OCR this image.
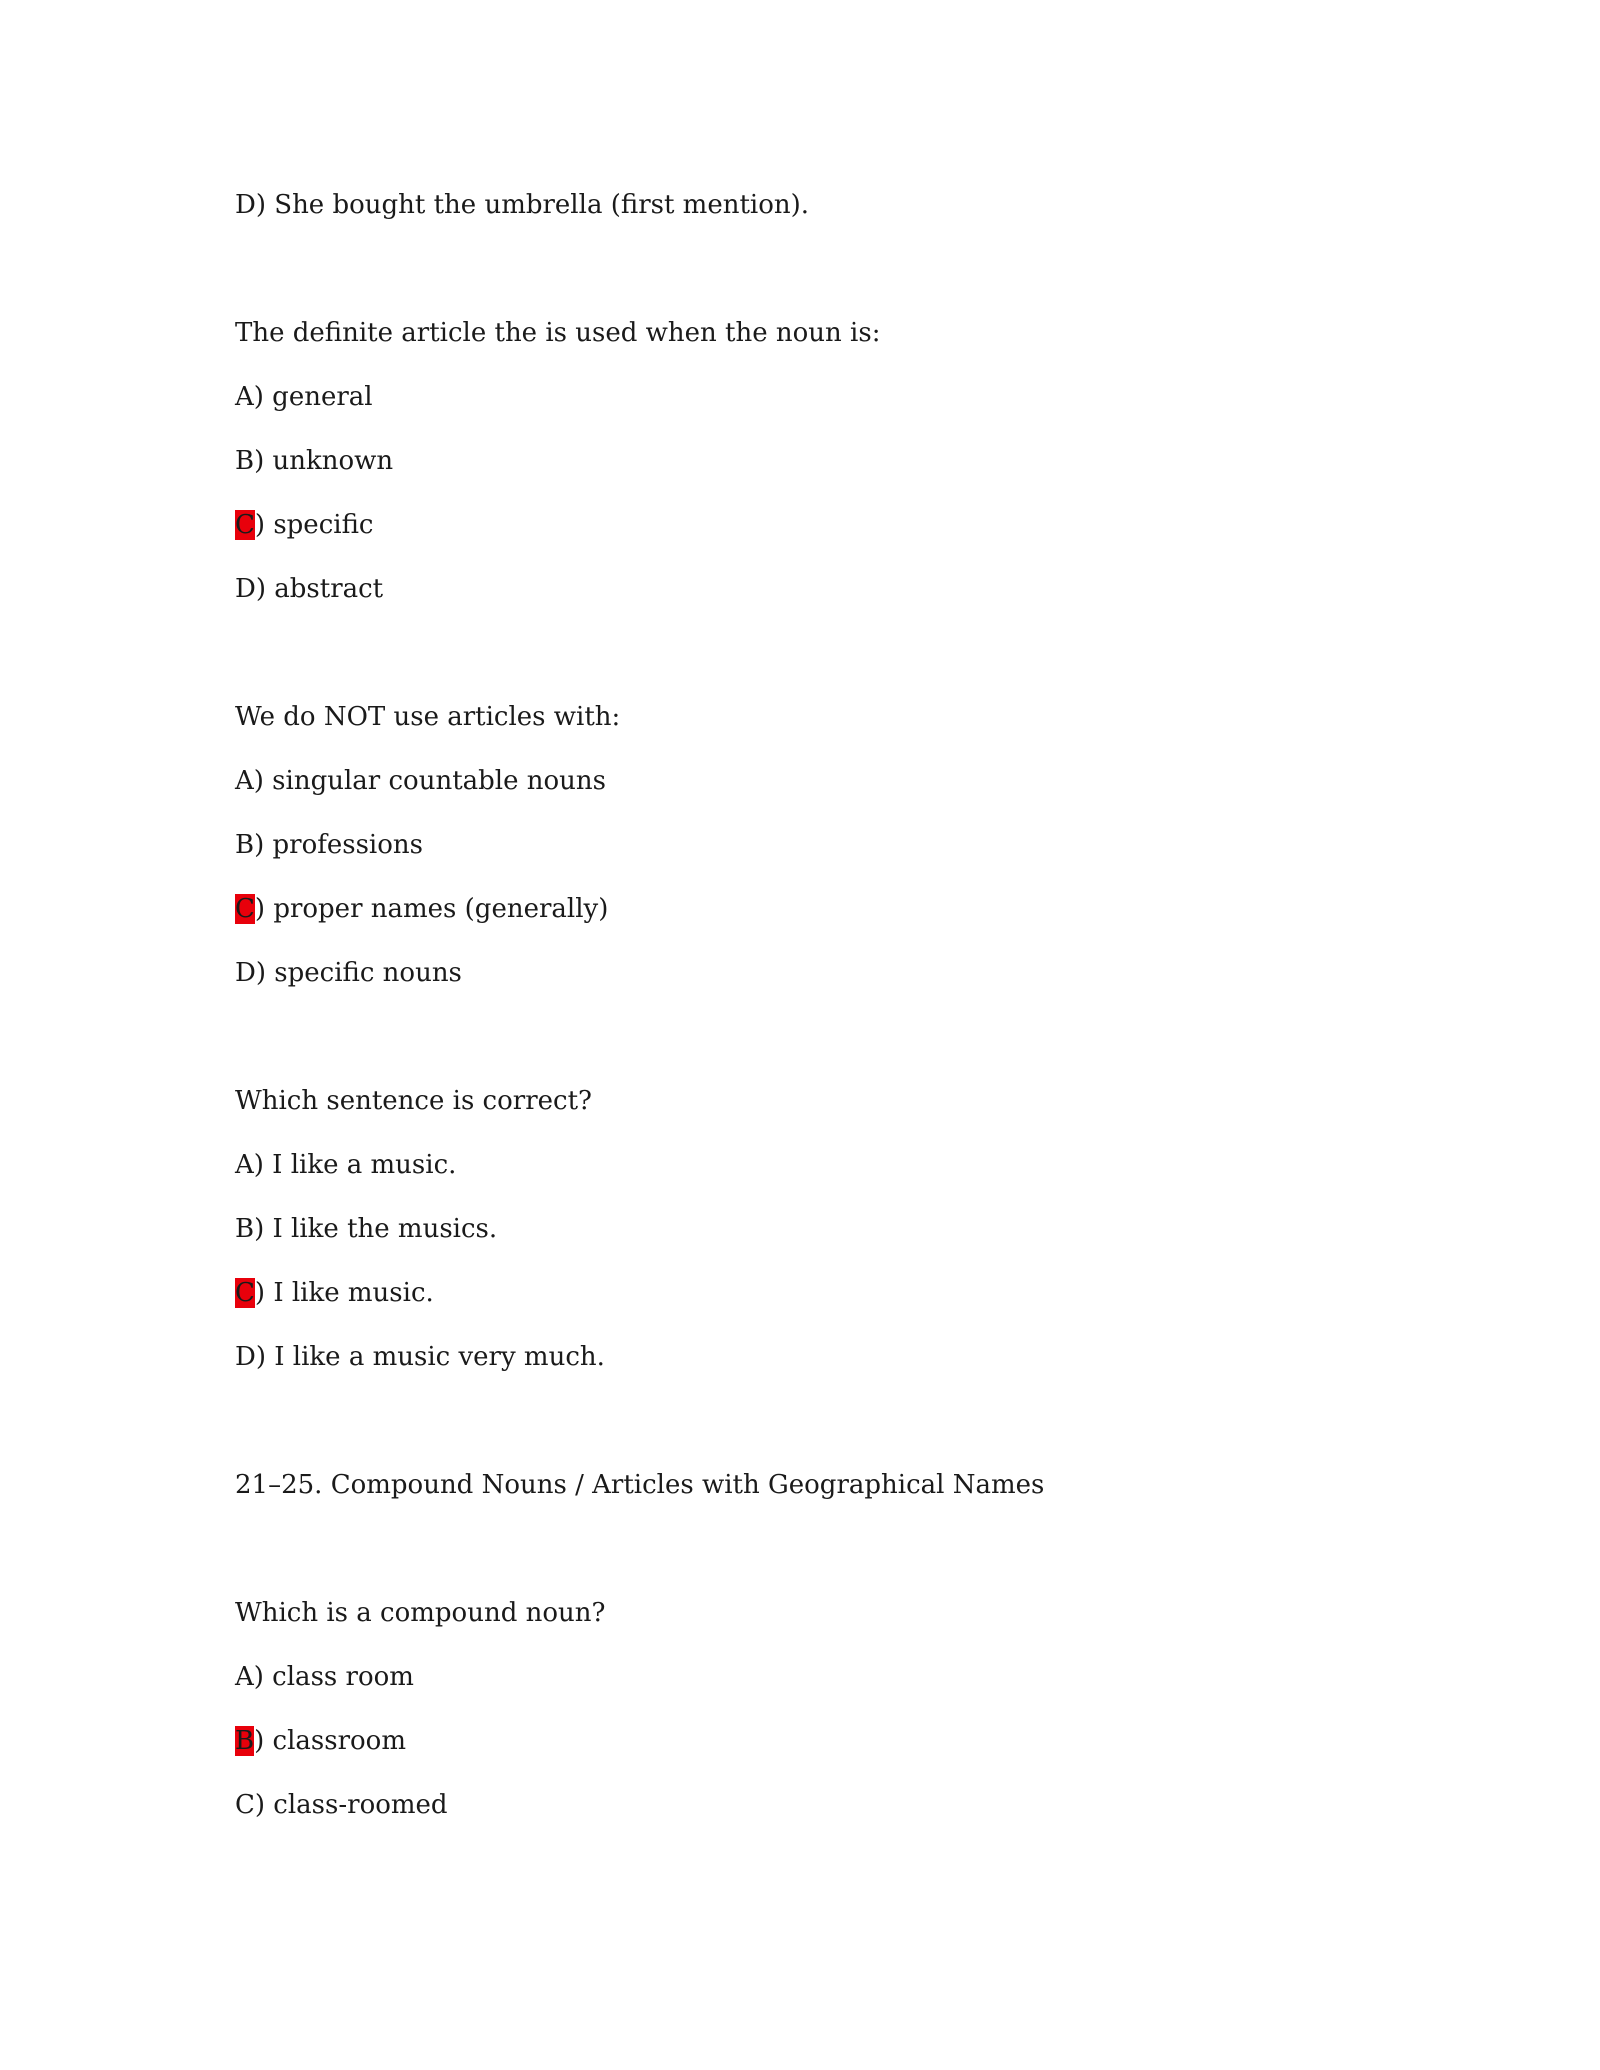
D) She bought the umbrella (first mention).
The definite article the is used when the noun is:
A) general
B) unknown
C) specific
D) abstract
We do NOT use articles with:
A) singular countable nouns
B) professions
C) proper names (generally)
D) specific nouns
Which sentence is correct?
A) I like a music.
B) I like the musics.
C) I like music.
D) I like a music very much.
21–25. Compound Nouns / Articles with Geographical Names
Which is a compound noun?
A) class room
B) classroom
C) class-roomed
